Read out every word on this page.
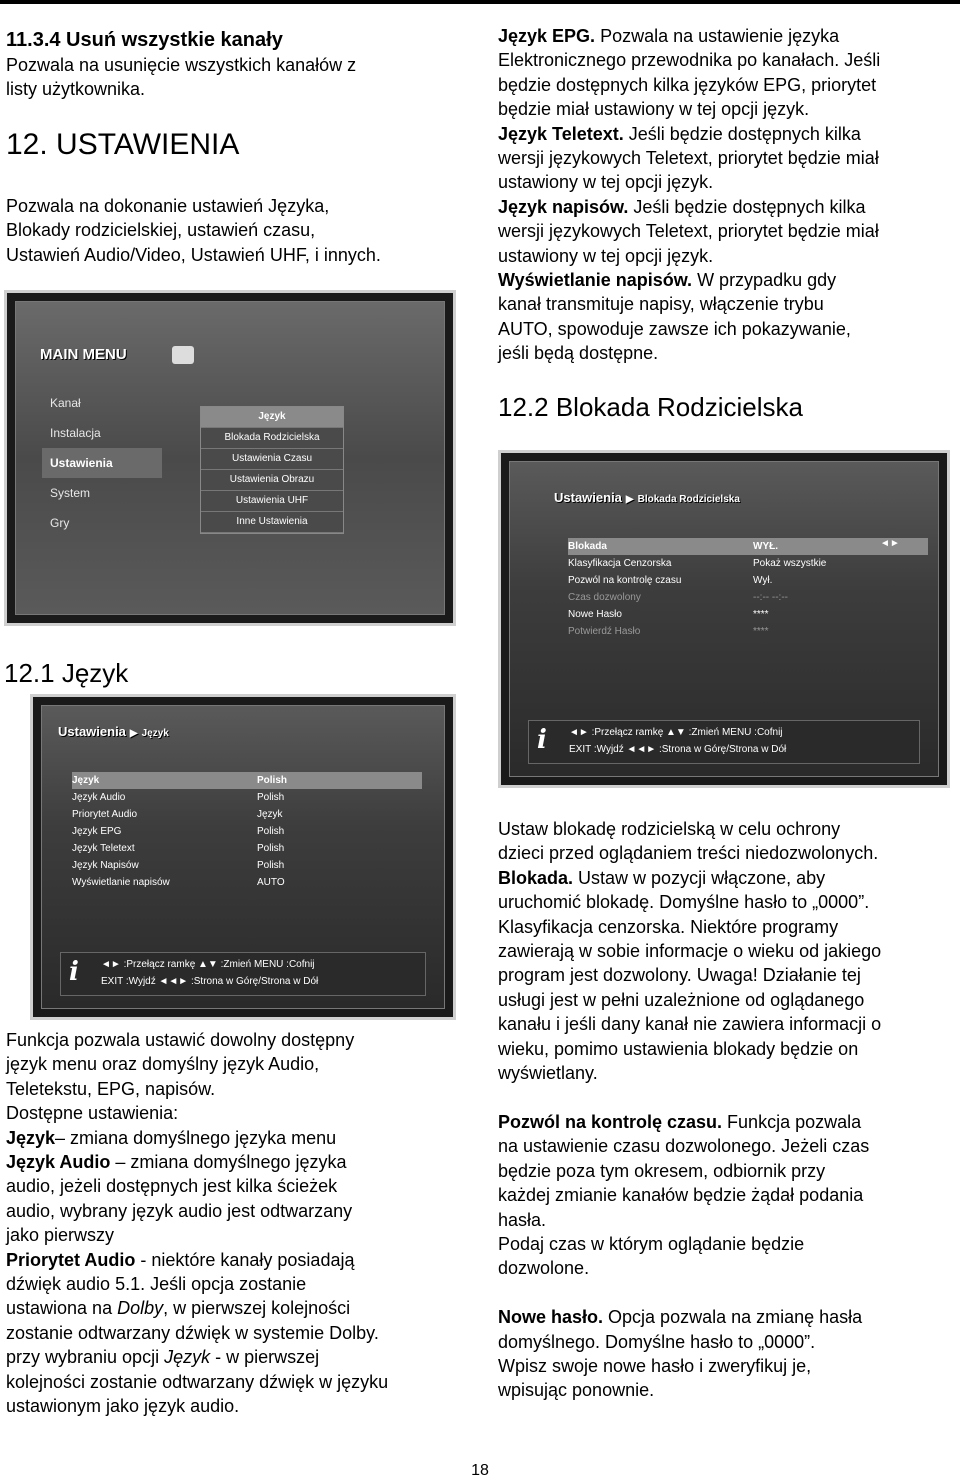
11.3.4 Usuń wszystkie kanały

Pozwala na usunięcie wszystkich kanałów z

listy użytkownika.

12. USTAWIENIA

Pozwala na dokonanie ustawień Języka,

Blokady rodzicielskiej, ustawień czasu,

Ustawień Audio/Video, Ustawień UHF, i innych.

MAIN MENU
Kanał
Instalacja
Ustawienia
System
Gry
Język
Blokada Rodzicielska
Ustawienia Czasu
Ustawienia Obrazu
Ustawienia UHF
Inne Ustawienia
12.1 Język
Ustawienia ▶ Język
Język	Polish
Język Audio	Polish
Priorytet Audio	Język
Język EPG	Polish
Język Teletext	Polish
Język Napisów	Polish
Wyświetlanie napisów	AUTO
i ◄► :Przełącz ramkę ▲▼ :Zmień MENU :Cofnij
EXIT :Wyjdź ◄◄► :Strona w Górę/Strona w Dół

Funkcja pozwala ustawić dowolny dostępny

język menu oraz domyślny język Audio,

Teletekstu, EPG, napisów.

Dostępne ustawienia:

Język– zmiana domyślnego języka menu

Język Audio – zmiana domyślnego języka

audio, jeżeli dostępnych jest kilka ścieżek

audio, wybrany język audio jest odtwarzany

jako pierwszy

Priorytet Audio - niektóre kanały posiadają

dźwięk audio 5.1. Jeśli opcja zostanie

ustawiona na Dolby, w pierwszej kolejności

zostanie odtwarzany dźwięk w systemie Dolby.

przy wybraniu opcji Język - w pierwszej

kolejności zostanie odtwarzany dźwięk w języku

ustawionym jako język audio.

Język EPG. Pozwala na ustawienie języka

Elektronicznego przewodnika po kanałach. Jeśli

będzie dostępnych kilka języków EPG, priorytet

będzie miał ustawiony w tej opcji język.

Język Teletext. Jeśli będzie dostępnych kilka

wersji językowych Teletext, priorytet będzie miał

ustawiony w tej opcji język.

Język napisów. Jeśli będzie dostępnych kilka

wersji językowych Teletext, priorytet będzie miał

ustawiony w tej opcji język.

Wyświetlanie napisów. W przypadku gdy

kanał transmituje napisy, włączenie trybu

AUTO, spowoduje zawsze ich pokazywanie,

jeśli będą dostępne.

12.2 Blokada Rodzicielska
Ustawienia ▶ Blokada Rodzicielska
Blokada	WYŁ.
Klasyfikacja Cenzorska	Pokaż wszystkie
Pozwól na kontrolę czasu	Wył.
Czas dozwolony	--:-- --:--
Nowe Hasło	****
Potwierdź Hasło	****
◄►
i ◄► :Przełącz ramkę ▲▼ :Zmień MENU :Cofnij
EXIT :Wyjdź ◄◄► :Strona w Górę/Strona w Dół

Ustaw blokadę rodzicielską w celu ochrony

dzieci przed oglądaniem treści niedozwolonych.

Blokada. Ustaw w pozycji włączone, aby

uruchomić blokadę. Domyślne hasło to „0000”.

Klasyfikacja cenzorska. Niektóre programy

zawierają w sobie informacje o wieku od jakiego

program jest dozwolony. Uwaga! Działanie tej

usługi jest w pełni uzależnione od oglądanego

kanału i jeśli dany kanał nie zawiera informacji o

wieku, pomimo ustawienia blokady będzie on

wyświetlany.

Pozwól na kontrolę czasu. Funkcja pozwala

na ustawienie czasu dozwolonego. Jeżeli czas

będzie poza tym okresem, odbiornik przy

każdej zmianie kanałów będzie żądał podania

hasła.

Podaj czas w którym oglądanie będzie

dozwolone.

Nowe hasło. Opcja pozwala na zmianę hasła

domyślnego. Domyślne hasło to „0000”.

Wpisz swoje nowe hasło i zweryfikuj je,

wpisując ponownie.

18
